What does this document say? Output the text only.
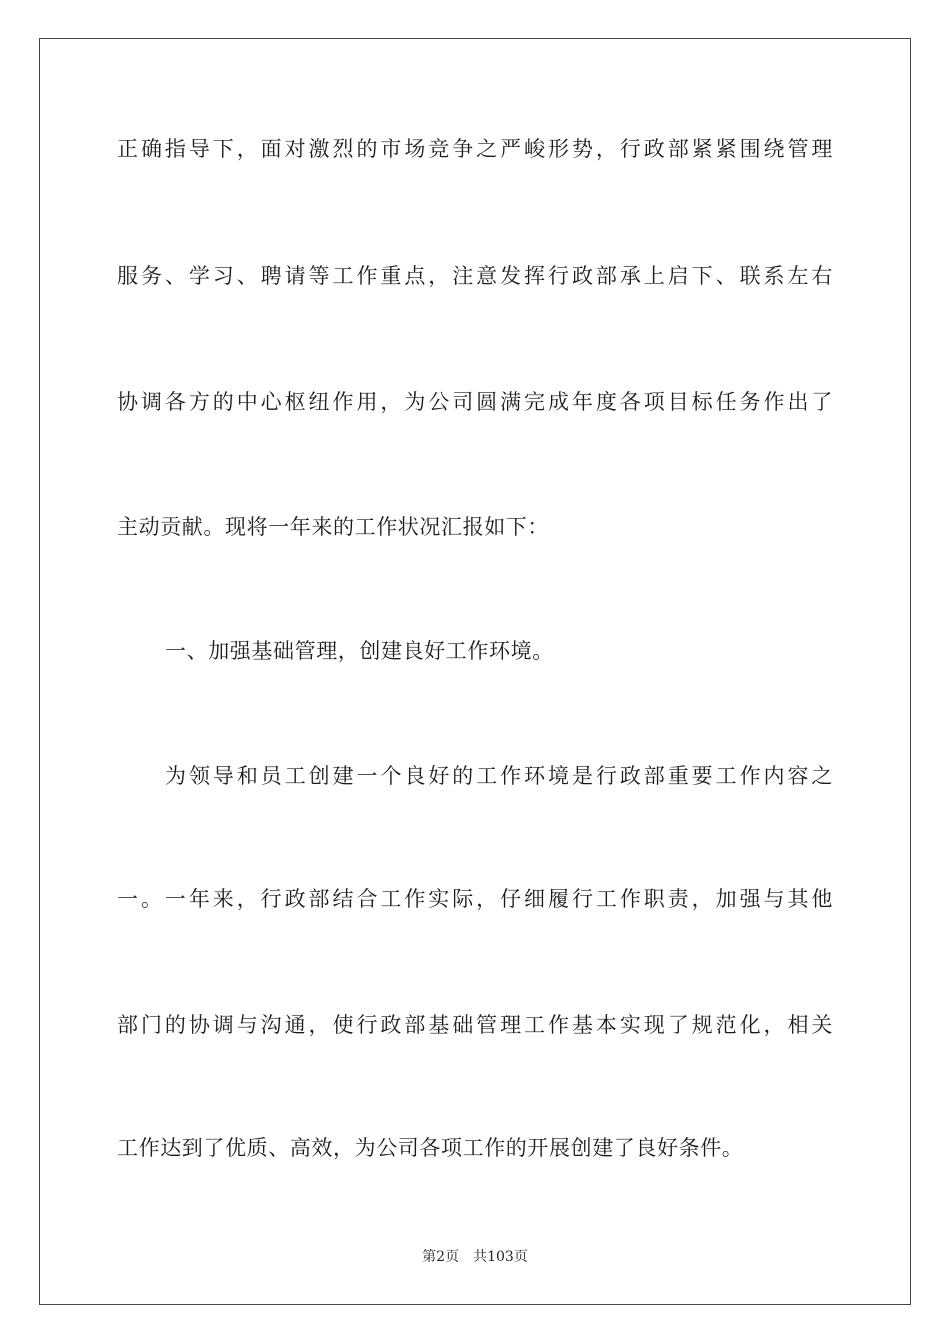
正确指导下，面对激烈的市场竞争之严峻形势，行政部紧紧围绕管理
服务、学习、聘请等工作重点，注意发挥行政部承上启下、联系左右
协调各方的中心枢纽作用，为公司圆满完成年度各项目标任务作出了
主动贡献。现将一年来的工作状况汇报如下：
一、加强基础管理，创建良好工作环境。
为领导和员工创建一个良好的工作环境是行政部重要工作内容之
一。一年来，行政部结合工作实际，仔细履行工作职责，加强与其他
部门的协调与沟通，使行政部基础管理工作基本实现了规范化，相关
工作达到了优质、高效，为公司各项工作的开展创建了良好条件。
第2页 共103页
